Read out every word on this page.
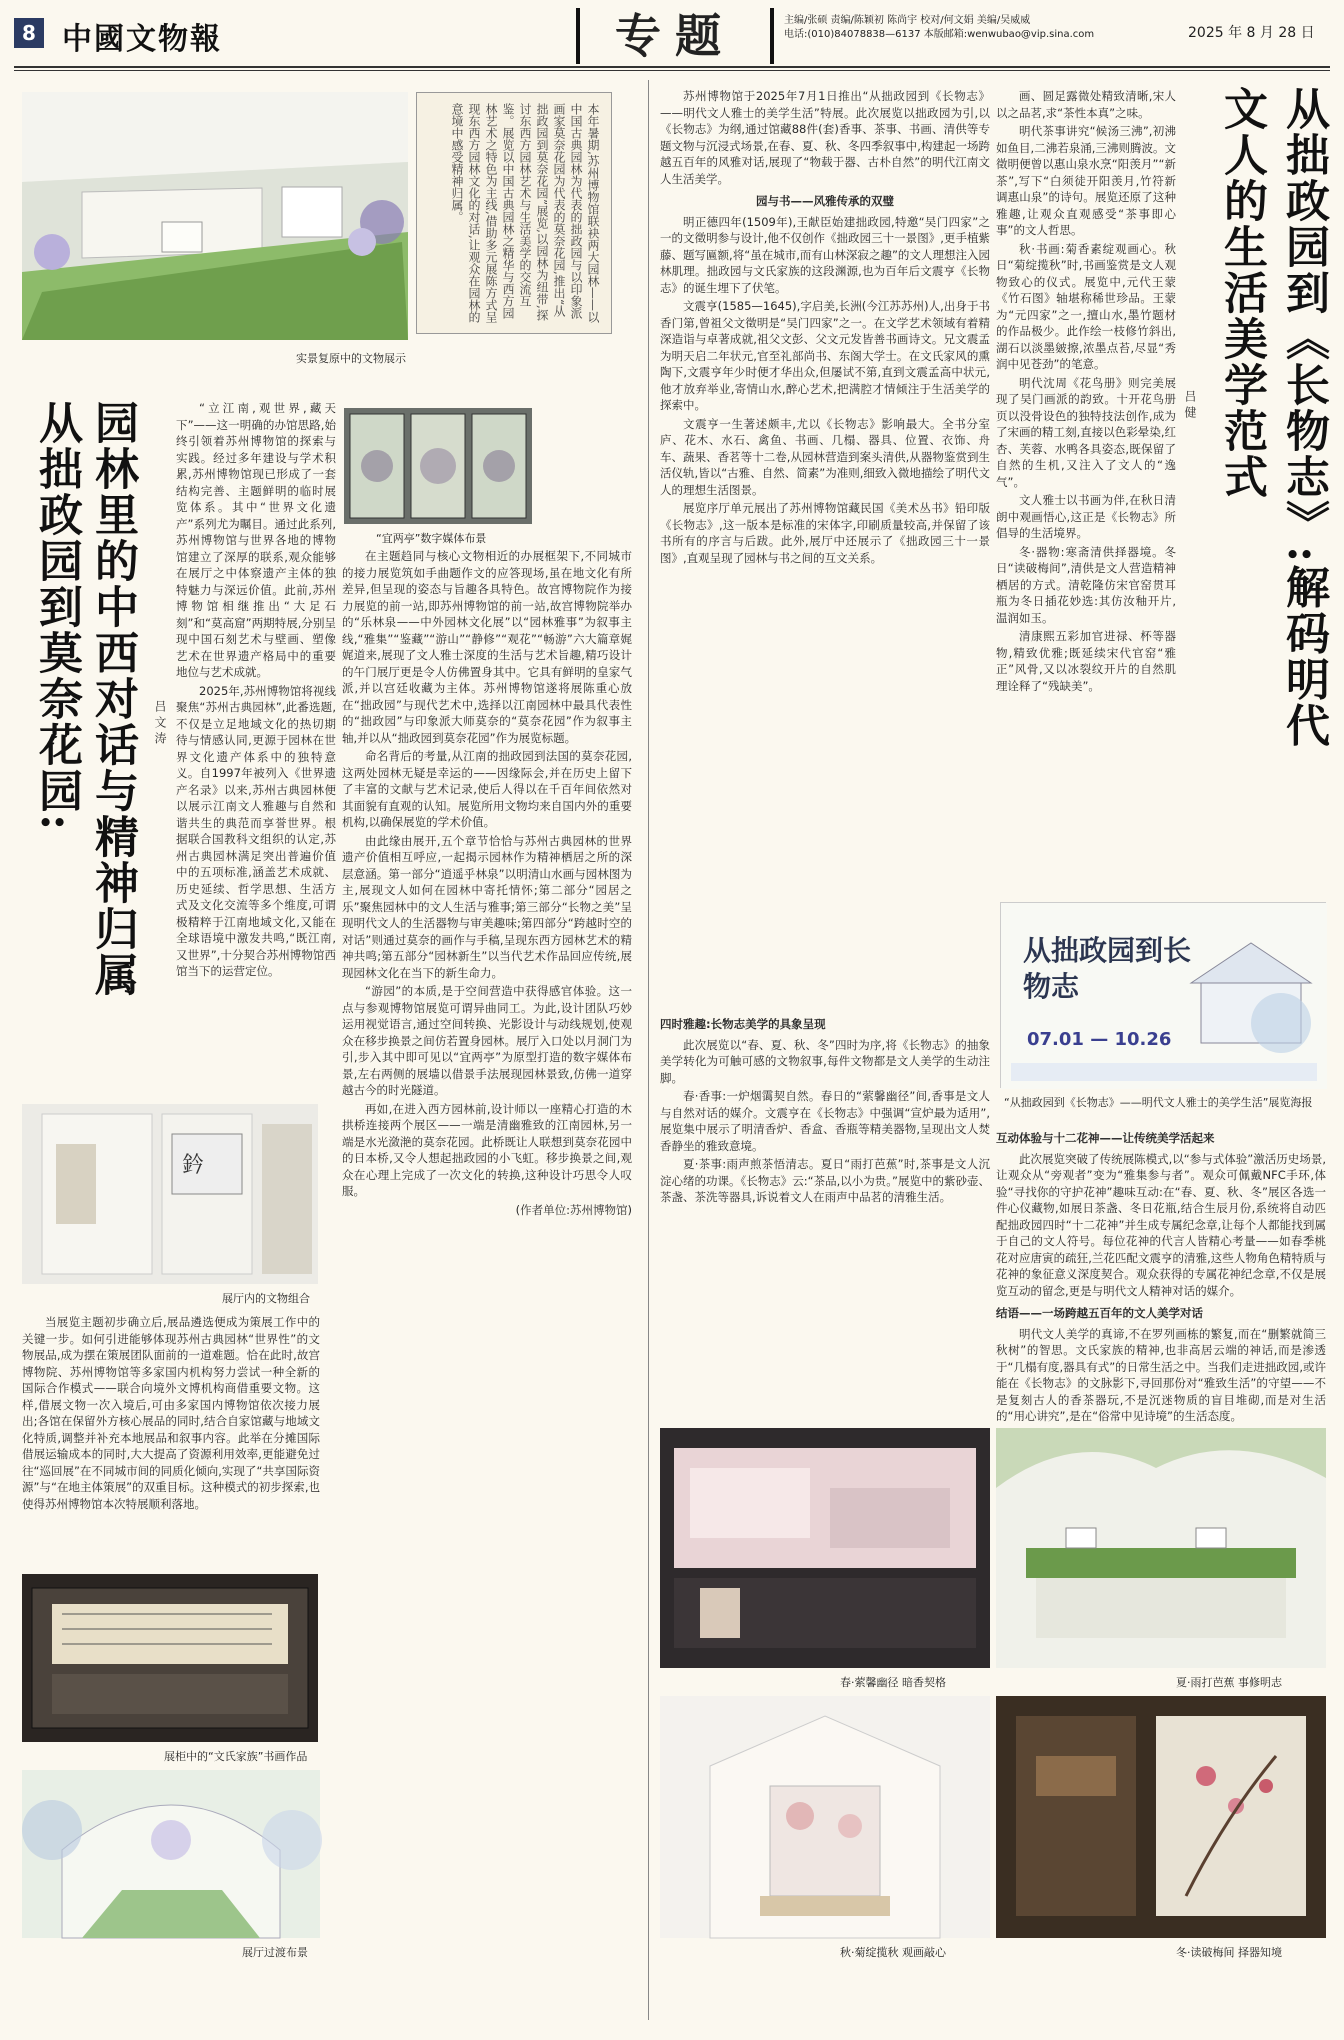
8 中國文物報	专题	主编/张硕 责编/陈颖初 陈尚宇 校对/何文娟 美编/吴威威
电话:(010)84078838—6137 本版邮箱:wenwubao@vip.sina.com	2025 年 8 月 28 日
实景复原中的文物展示
本年暑期,苏州博物馆联袂两大园林——以中国古典园林为代表的拙政园与以印象派画家莫奈花园为代表的莫奈花园,推出“从拙政园到莫奈花园”展览,以园林为纽带,探讨东西方园林艺术与生活美学的交流互鉴。展览以中国古典园林之精华与西方园林艺术之特色为主线,借助多元展陈方式呈现东西方园林文化的对话,让观众在园林的意境中感受精神归属。
“宜两亭”数字媒体布景
从拙政园到莫奈花园: 园林里的中西对话与精神归属	吕文涛

“立江南,观世界,藏天下”——这一明确的办馆思路,始终引领着苏州博物馆的探索与实践。经过多年建设与学术积累,苏州博物馆现已形成了一套结构完善、主题鲜明的临时展览体系。其中“世界文化遗产”系列尤为瞩目。通过此系列,苏州博物馆与世界各地的博物馆建立了深厚的联系,观众能够在展厅之中体察遗产主体的独特魅力与深远价值。此前,苏州博物馆相继推出“大足石刻”和“莫高窟”两期特展,分别呈现中国石刻艺术与壁画、塑像艺术在世界遗产格局中的重要地位与艺术成就。

2025年,苏州博物馆将视线聚焦“苏州古典园林”,此番选题,不仅是立足地域文化的热切期待与情感认同,更源于园林在世界文化遗产体系中的独特意义。自1997年被列入《世界遗产名录》以来,苏州古典园林便以展示江南文人雅趣与自然和谐共生的典范而享誉世界。根据联合国教科文组织的认定,苏州古典园林满足突出普遍价值中的五项标准,涵盖艺术成就、历史延续、哲学思想、生活方式及文化交流等多个维度,可谓极精粹于江南地域文化,又能在全球语境中激发共鸣,“既江南,又世界”,十分契合苏州博物馆西馆当下的运营定位。

鈐
展厅内的文物组合

当展览主题初步确立后,展品遴选便成为策展工作中的关键一步。如何引进能够体现苏州古典园林“世界性”的文物展品,成为摆在策展团队面前的一道难题。恰在此时,故宫博物院、苏州博物馆等多家国内机构努力尝试一种全新的国际合作模式——联合向境外文博机构商借重要文物。这样,借展文物一次入境后,可由多家国内博物馆依次接力展出;各馆在保留外方核心展品的同时,结合自家馆藏与地域文化特质,调整并补充本地展品和叙事内容。此举在分摊国际借展运输成本的同时,大大提高了资源利用效率,更能避免过往“巡回展”在不同城市间的同质化倾向,实现了“共享国际资源”与“在地主体策展”的双重目标。这种模式的初步探索,也使得苏州博物馆本次特展顺利落地。

展柜中的“文氏家族”书画作品
展厅过渡布景

在主题趋同与核心文物相近的办展框架下,不同城市的接力展览筑如手曲题作文的应答现场,虽在地文化有所差异,但呈现的姿态与旨趣各具特色。故宫博物院作为接力展览的前一站,即苏州博物馆的前一站,故宫博物院举办的“乐林泉——中外园林文化展”以“园林雅事”为叙事主线,“雅集”“鉴藏”“游山”“静修”“观花”“畅游”六大篇章娓娓道来,展现了文人雅士深度的生活与艺术旨趣,精巧设计的午门展厅更是令人仿佛置身其中。它具有鲜明的皇家气派,并以宫廷收藏为主体。苏州博物馆遂将展陈重心放在“拙政园”与现代艺术中,选择以江南园林中最具代表性的“拙政园”与印象派大师莫奈的“莫奈花园”作为叙事主轴,并以从“拙政园到莫奈花园”作为展览标题。

命名背后的考量,从江南的拙政园到法国的莫奈花园,这两处园林无疑是幸运的——因缘际会,并在历史上留下了丰富的文献与艺术记录,使后人得以在千百年间依然对其面貌有直观的认知。展览所用文物均来自国内外的重要机构,以确保展览的学术价值。

由此缘由展开,五个章节恰恰与苏州古典园林的世界遗产价值相互呼应,一起揭示园林作为精神栖居之所的深层意涵。第一部分“逍遥乎林泉”以明清山水画与园林图为主,展现文人如何在园林中寄托情怀;第二部分“园居之乐”聚焦园林中的文人生活与雅事;第三部分“长物之美”呈现明代文人的生活器物与审美趣味;第四部分“跨越时空的对话”则通过莫奈的画作与手稿,呈现东西方园林艺术的精神共鸣;第五部分“园林新生”以当代艺术作品回应传统,展现园林文化在当下的新生命力。

“游园”的本质,是于空间营造中获得感官体验。这一点与参观博物馆展览可谓异曲同工。为此,设计团队巧妙运用视觉语言,通过空间转换、光影设计与动线规划,使观众在移步换景之间仿若置身园林。展厅入口处以月洞门为引,步入其中即可见以“宜两亭”为原型打造的数字媒体布景,左右两侧的展墙以借景手法展现园林景致,仿佛一道穿越古今的时光隧道。

再如,在进入西方园林前,设计师以一座精心打造的木拱桥连接两个展区——一端是清幽雅致的江南园林,另一端是水光潋滟的莫奈花园。此桥既让人联想到莫奈花园中的日本桥,又令人想起拙政园的小飞虹。移步换景之间,观众在心理上完成了一次文化的转换,这种设计巧思令人叹服。

(作者单位:苏州博物馆)

从拙政园到《长物志》:解码明代文人的生活美学范式
吕健

苏州博物馆于2025年7月1日推出“从拙政园到《长物志》——明代文人雅士的美学生活”特展。此次展览以拙政园为引,以《长物志》为纲,通过馆藏88件(套)香事、茶事、书画、清供等专题文物与沉浸式场景,在春、夏、秋、冬四季叙事中,构建起一场跨越五百年的风雅对话,展现了“物载于器、古朴自然”的明代江南文人生活美学。

园与书——风雅传承的双璧

明正德四年(1509年),王献臣始建拙政园,特邀“吴门四家”之一的文徵明参与设计,他不仅创作《拙政园三十一景图》,更手植紫藤、题写匾额,将“虽在城市,而有山林深寂之趣”的文人理想注入园林肌理。拙政园与文氏家族的这段渊源,也为百年后文震亨《长物志》的诞生埋下了伏笔。

文震亨(1585—1645),字启美,长洲(今江苏苏州)人,出身于书香门第,曾祖父文徵明是“吴门四家”之一。在文学艺术领域有着精深造诣与卓著成就,祖父文彭、父文元发皆善书画诗文。兄文震孟为明天启二年状元,官至礼部尚书、东阁大学士。在文氏家风的熏陶下,文震亨年少时便才华出众,但屡试不第,直到文震孟高中状元,他才放弃举业,寄情山水,醉心艺术,把满腔才情倾注于生活美学的探索中。

文震亨一生著述颇丰,尤以《长物志》影响最大。全书分室庐、花木、水石、禽鱼、书画、几榻、器具、位置、衣饰、舟车、蔬果、香茗等十二卷,从园林营造到案头清供,从器物鉴赏到生活仪轨,皆以“古雅、自然、简素”为准则,细致入微地描绘了明代文人的理想生活图景。

展览序厅单元展出了苏州博物馆藏民国《美术丛书》铅印版《长物志》,这一版本是标准的宋体字,印刷质量较高,并保留了该书所有的序言与后跋。此外,展厅中还展示了《拙政园三十一景图》,直观呈现了园林与书之间的互文关系。

画、圆足露微处精致清晰,宋人以之品茗,求“茶性本真”之味。

明代茶事讲究“候汤三沸”,初沸如鱼目,二沸若泉涌,三沸则腾波。文徵明便曾以惠山泉水烹“阳羡月”“新茶”,写下“白须徒开阳羡月,竹符新调惠山泉”的诗句。展览还原了这种雅趣,让观众直观感受“茶事即心事”的文人哲思。

秋·书画:菊香素绽观画心。秋日“菊绽揽秋”时,书画鉴赏是文人观物致心的仪式。展览中,元代王蒙《竹石图》轴堪称稀世珍品。王蒙为“元四家”之一,擅山水,墨竹题材的作品极少。此作绘一枝修竹斜出,湖石以淡墨皴擦,浓墨点苔,尽显“秀润中见苍劲”的笔意。

明代沈周《花鸟册》则完美展现了吴门画派的韵致。十开花鸟册页以没骨设色的独特技法创作,成为了宋画的精工刻,直接以色彩晕染,红杏、芙蓉、水鸭各具姿态,既保留了自然的生机,又注入了文人的“逸气”。

文人雅士以书画为伴,在秋日清朗中观画悟心,这正是《长物志》所倡导的生活境界。

冬·器物:寒斋清供择器境。冬日“读破梅间”,清供是文人营造精神栖居的方式。清乾隆仿宋官窑贯耳瓶为冬日插花妙选:其仿汝釉开片,温润如玉。

清康熙五彩加官进禄、杯等器物,精致优雅;既延续宋代官窑“雅正”风骨,又以冰裂纹开片的自然肌理诠释了“残缺美”。

四时雅趣:长物志美学的具象呈现

此次展览以“春、夏、秋、冬”四时为序,将《长物志》的抽象美学转化为可触可感的文物叙事,每件文物都是文人美学的生动注脚。

春·香事:一炉烟霭契自然。春日的“萦馨幽径”间,香事是文人与自然对话的媒介。文震亨在《长物志》中强调“宣炉最为适用”,展览集中展示了明清香炉、香盒、香瓶等精美器物,呈现出文人焚香静坐的雅致意境。

夏·茶事:雨声煎茶悟清志。夏日“雨打芭蕉”时,茶事是文人沉淀心绪的功课。《长物志》云:“茶品,以小为贵。”展览中的紫砂壶、茶盏、茶洗等器具,诉说着文人在雨声中品茗的清雅生活。

从拙政园到长物志
07.01 — 10.26
“从拙政园到《长物志》——明代文人雅士的美学生活”展览海报

互动体验与十二花神——让传统美学活起来

此次展览突破了传统展陈模式,以“参与式体验”激活历史场景,让观众从“旁观者”变为“雅集参与者”。观众可佩戴NFC手环,体验“寻找你的守护花神”趣味互动:在“春、夏、秋、冬”展区各选一件心仪藏物,如展日茶盏、冬日花瓶,结合生辰月份,系统将自动匹配拙政园四时“十二花神”并生成专属纪念章,让每个人都能找到属于自己的文人符号。每位花神的代言人皆精心考量——如春季桃花对应唐寅的疏狂,兰花匹配文震亨的清雅,这些人物角色精特质与花神的象征意义深度契合。观众获得的专属花神纪念章,不仅是展览互动的留念,更是与明代文人精神对话的媒介。

结语——一场跨越五百年的文人美学对话

明代文人美学的真谛,不在罗列画栋的繁复,而在“删繁就简三秋树”的智思。文氏家族的精神,也非高居云端的神话,而是渗透于“几榻有度,器具有式”的日常生活之中。当我们走进拙政园,或许能在《长物志》的文脉影下,寻回那份对“雅致生活”的守望——不是复刻古人的香茶器玩,不是沉迷物质的盲目堆砌,而是对生活的“用心讲究”,是在“俗常中见诗境”的生活态度。

春·萦馨幽径 暗香契格	夏·雨打芭蕉 事修明志
秋·菊绽揽秋 观画敲心	冬·读破梅间 择器知境
